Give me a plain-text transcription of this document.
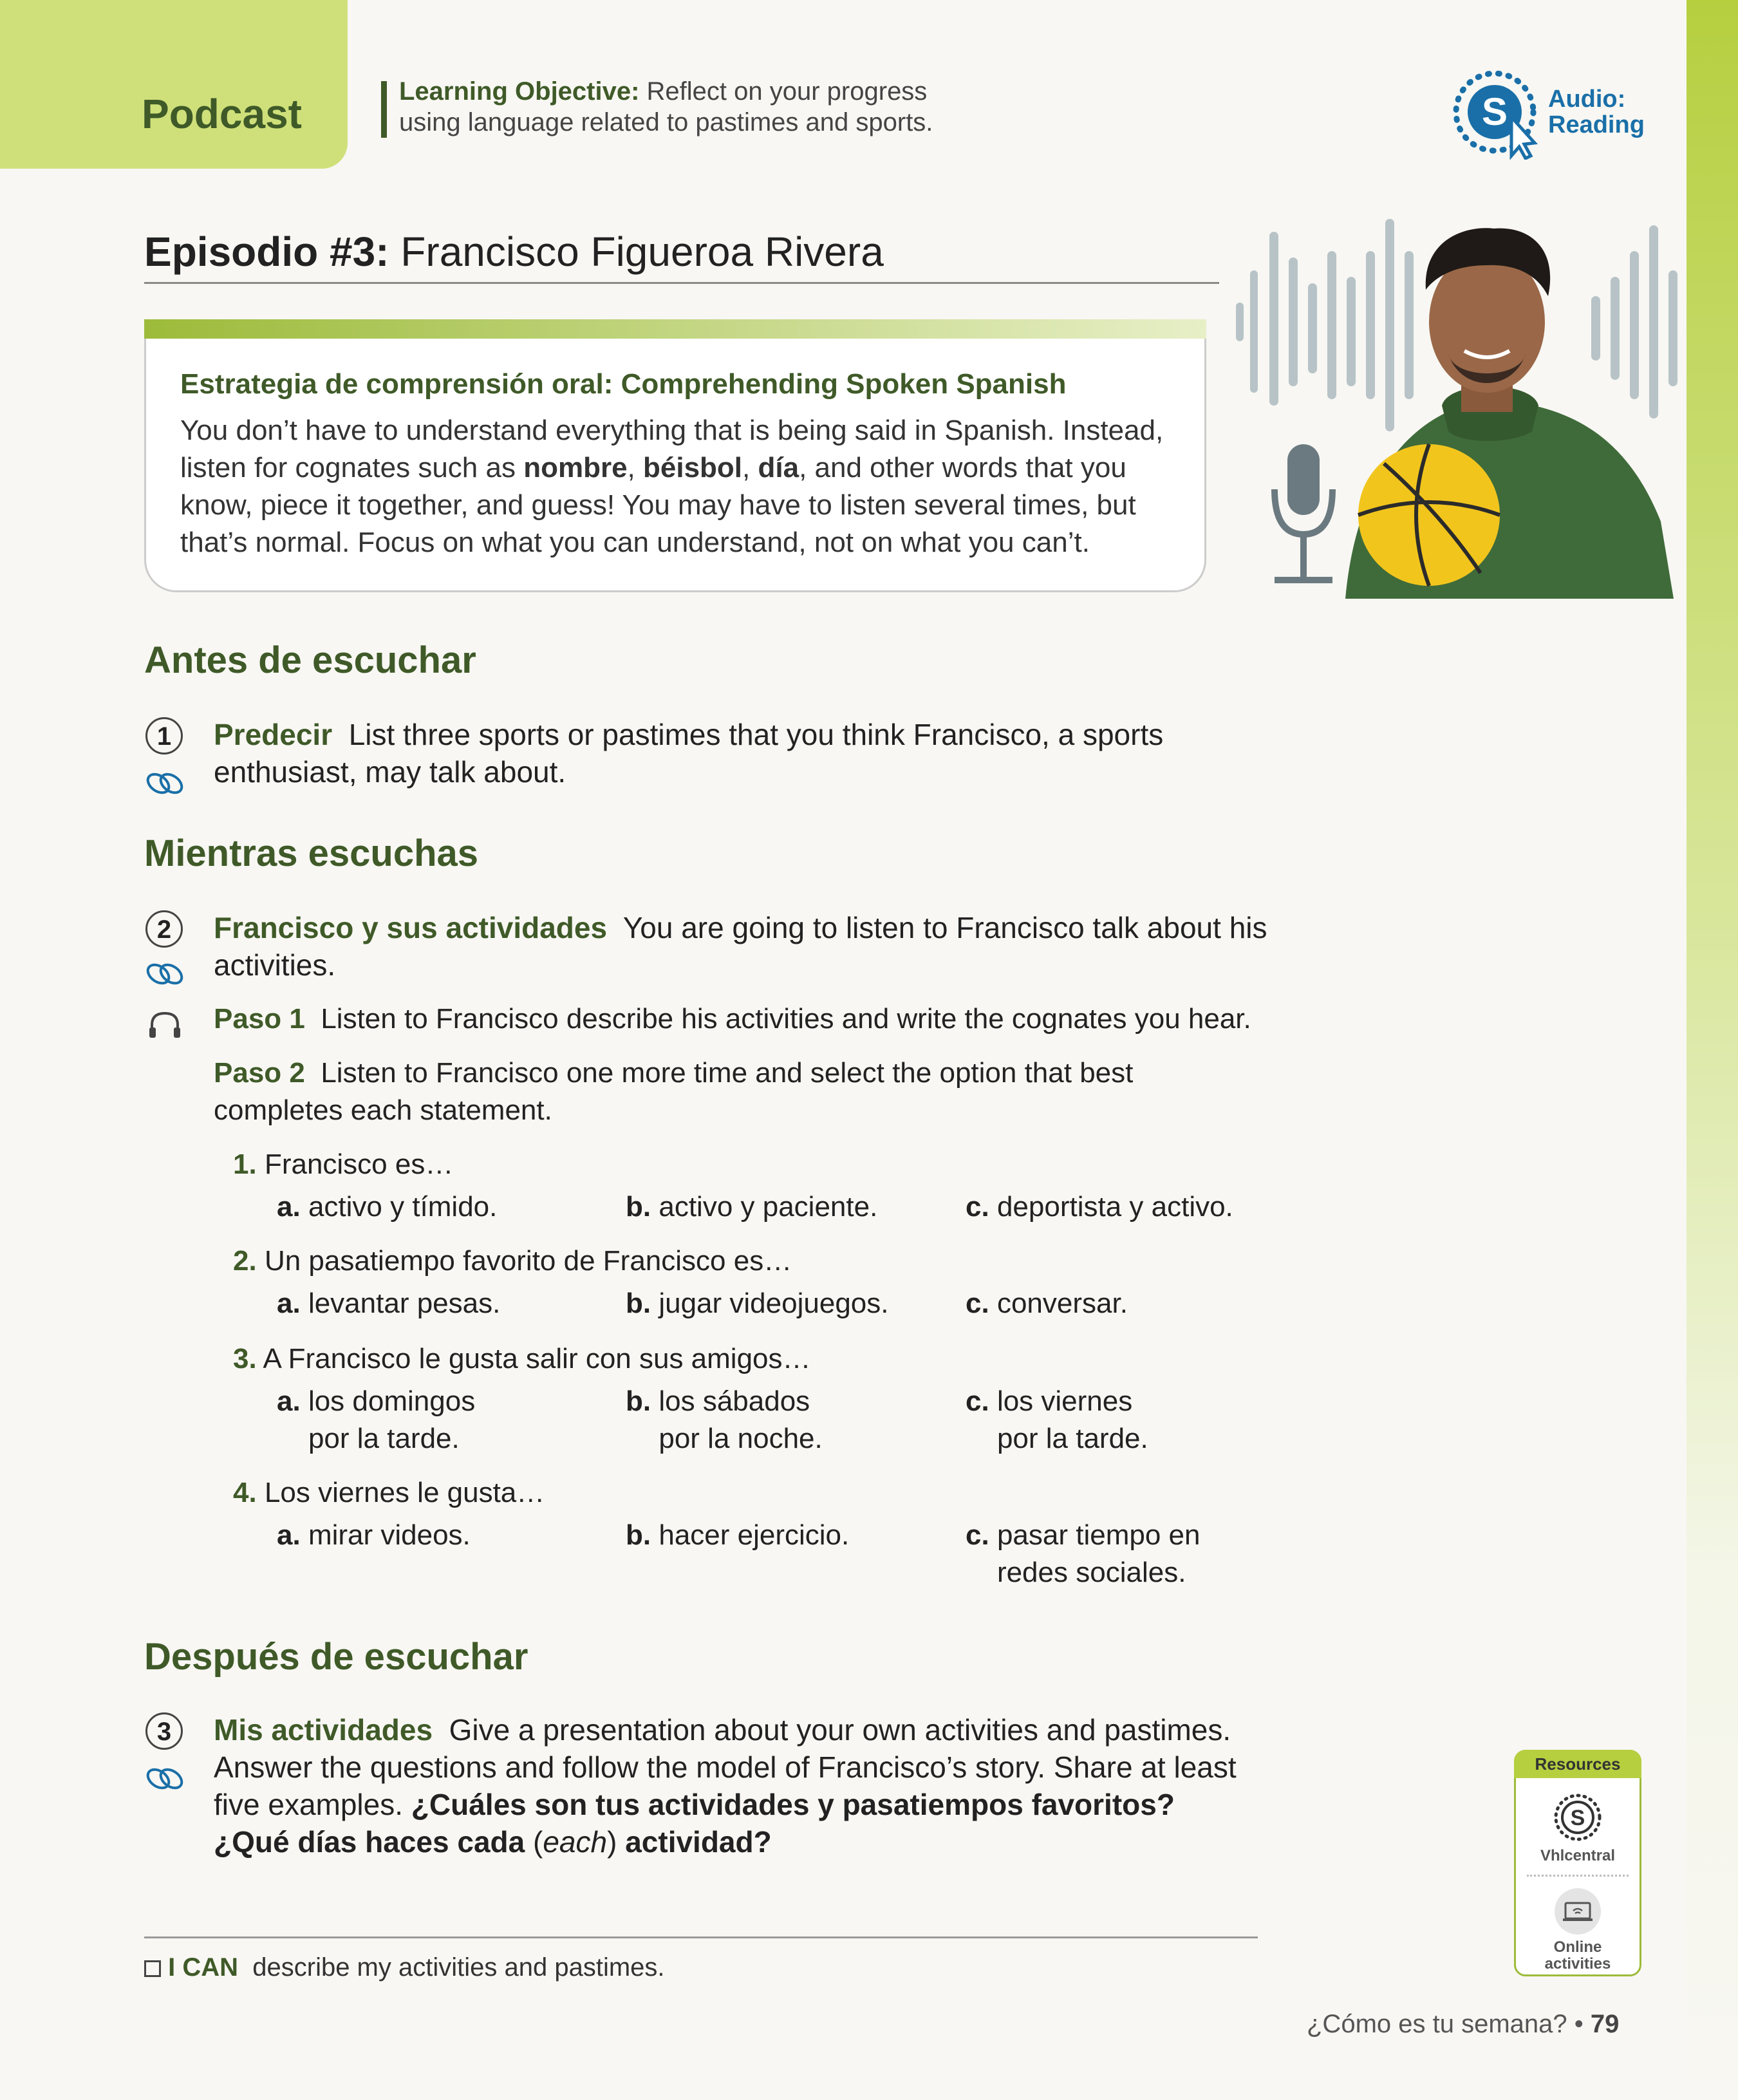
Podcast	Learning Objective: Reflect on your progress
using language related to pastimes and sports.	S Audio:
Reading
Episodio #3: Francisco Figueroa Rivera
Estrategia de comprensión oral: Comprehending Spoken Spanish
You don’t have to understand everything that is being said in Spanish. Instead, listen for cognates such as nombre, béisbol, día, and other words that you know, piece it together, and guess! You may have to listen several times, but that’s normal. Focus on what you can understand, not on what you can’t.
Antes de escuchar
1	Predecir List three sports or pastimes that you think Francisco, a sports enthusiast, may talk about.
Mientras escuchas
2	Francisco y sus actividades You are going to listen to Francisco talk about his activities.
Paso 1 Listen to Francisco describe his activities and write the cognates you hear.
Paso 2 Listen to Francisco one more time and select the option that best completes each statement.
1. Francisco es…
a. activo y tímido.	b. activo y paciente.	c. deportista y activo.
2. Un pasatiempo favorito de Francisco es…
a. levantar pesas.	b. jugar videojuegos.	c. conversar.
3. A Francisco le gusta salir con sus amigos…
a.
los domingos
por la tarde.
b.
los sábados
por la noche.
c.
los viernes
por la tarde.
4. Los viernes le gusta…
a. mirar videos.	b. hacer ejercicio.	c.
pasar tiempo en
redes sociales.
Después de escuchar
3	Mis actividades Give a presentation about your own activities and pastimes. Answer the questions and follow the model of Francisco’s story. Share at least five examples. ¿Cuáles son tus actividades y pasatiempos favoritos? ¿Qué días haces cada (each) actividad?
I CAN describe my activities and pastimes.
Resources
S
Vhlcentral
Online
activities
¿Cómo es tu semana? • 79
